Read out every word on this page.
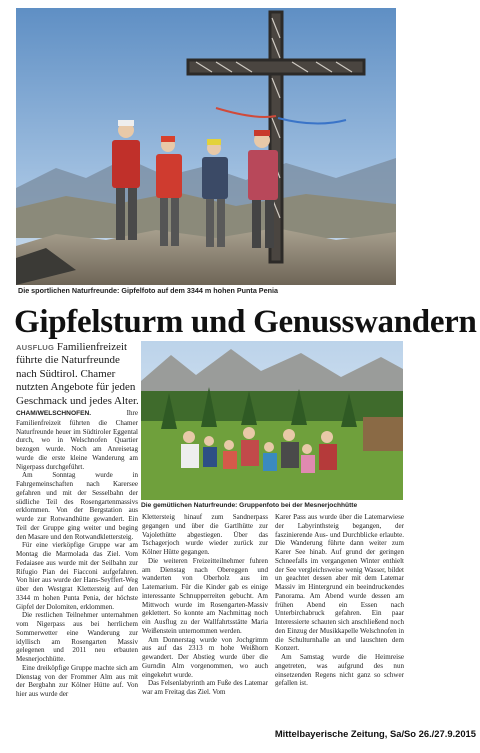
Die sportlichen Naturfreunde: Gipfelfoto auf dem 3344 m hohen Punta Penia
Gipfelsturm und Genusswandern
AUSFLUG Familienfreizeit führte die Naturfreunde nach Südtirol. Chamer nutzten Angebote für jeden Geschmack und jedes Alter.
Die gemütlichen Naturfreunde: Gruppenfoto bei der Mesnerjochhütte

CHAM/WELSCHNOFEN.	Ihre Familienfreizeit führten die Chamer Naturfreunde heuer im Südtiroler Eggental durch, wo in Welschnofen Quartier bezogen wurde. Noch am Anreisetag wurde die erste kleine Wanderung am Nigerpass durchgeführt.

Am Sonntag wurde in Fahrgemeinschaften nach Karersee gefahren und mit der Sesselbahn der südliche Teil des Rosengartenmassivs erklommen. Von der Bergstation aus wurde zur Rotwandhütte gewandert. Ein Teil der Gruppe ging weiter und beging den Masare und den Rotwandklettersteig.

Für eine vierköpfige Gruppe war am Montag die Marmolada das Ziel. Vom Fedaiasee aus wurde mit der Seilbahn zur Rifugio Pian dei Fiacconi aufgefahren. Von hier aus wurde der Hans-Seyffert-Weg über den Westgrat Klettersteig auf den 3344 m hohen Punta Penia, der höchste Gipfel der Dolomiten, erklommen.

Die restlichen Teilnehmer unternahmen vom Nigerpass aus bei herrlichem Sommerwetter eine Wanderung zur idyllisch am Rosengarten Massiv gelegenen und 2011 neu erbauten Mesnerjochhütte.

Eine dreiköpfige Gruppe machte sich am Dienstag von der Frommer Alm aus mit der Bergbahn zur Kölner Hütte auf. Von hier aus wurde der

Klettersteig hinauf zum Sandnerpass gegangen und über die Gartlhütte zur Vajolethütte abgestiegen. Über das Tschagerjoch wurde wieder zurück zur Kölner Hütte gegangen.

Die weiteren Freizeitteilnehmer fuhren am Dienstag nach Obereggen und wanderten von Oberholz aus im Latemarium. Für die Kinder gab es einige interessante Schnupperreiten gebucht. Am Mittwoch wurde im Rosengarten-Massiv geklettert. So konnte am Nachmittag noch ein Ausflug zu der Wallfahrtsstätte Maria Weißenstein unternommen werden.

Am Donnerstag wurde von Jochgrimm aus auf das 2313 m hohe Weißhorn gewandert. Der Abstieg wurde über die Gurndin Alm vorgenommen, wo auch eingekehrt wurde.

Das Felsenlabyrinth am Fuße des Latemar war am Freitag das Ziel. Vom

Karer Pass aus wurde über die Latemarwiese der Labyrinthsteig begangen, der faszinierende Aus- und Durchblicke erlaubte. Die Wanderung führte dann weiter zum Karer See hinab. Auf grund der geringen Schneefalls im vergangenen Winter enthielt der See vergleichsweise wenig Wasser, bildet un geachtet dessen aber mit dem Latemar Massiv im Hintergrund ein beeindruckendes Panorama. Am Abend wurde dessen am frühen Abend ein Essen nach Unterbirchabruck gefahren. Ein paar Interessierte schauten sich anschließend noch den Einzug der Musikkapelle Welschnofen in die Schulturnhalle an und lauschten dem Konzert.

Am Samstag wurde die Heimreise angetreten, was aufgrund des nun einsetzenden Regens nicht ganz so schwer gefallen ist.

Mittelbayerische Zeitung, Sa/So 26./27.9.2015
